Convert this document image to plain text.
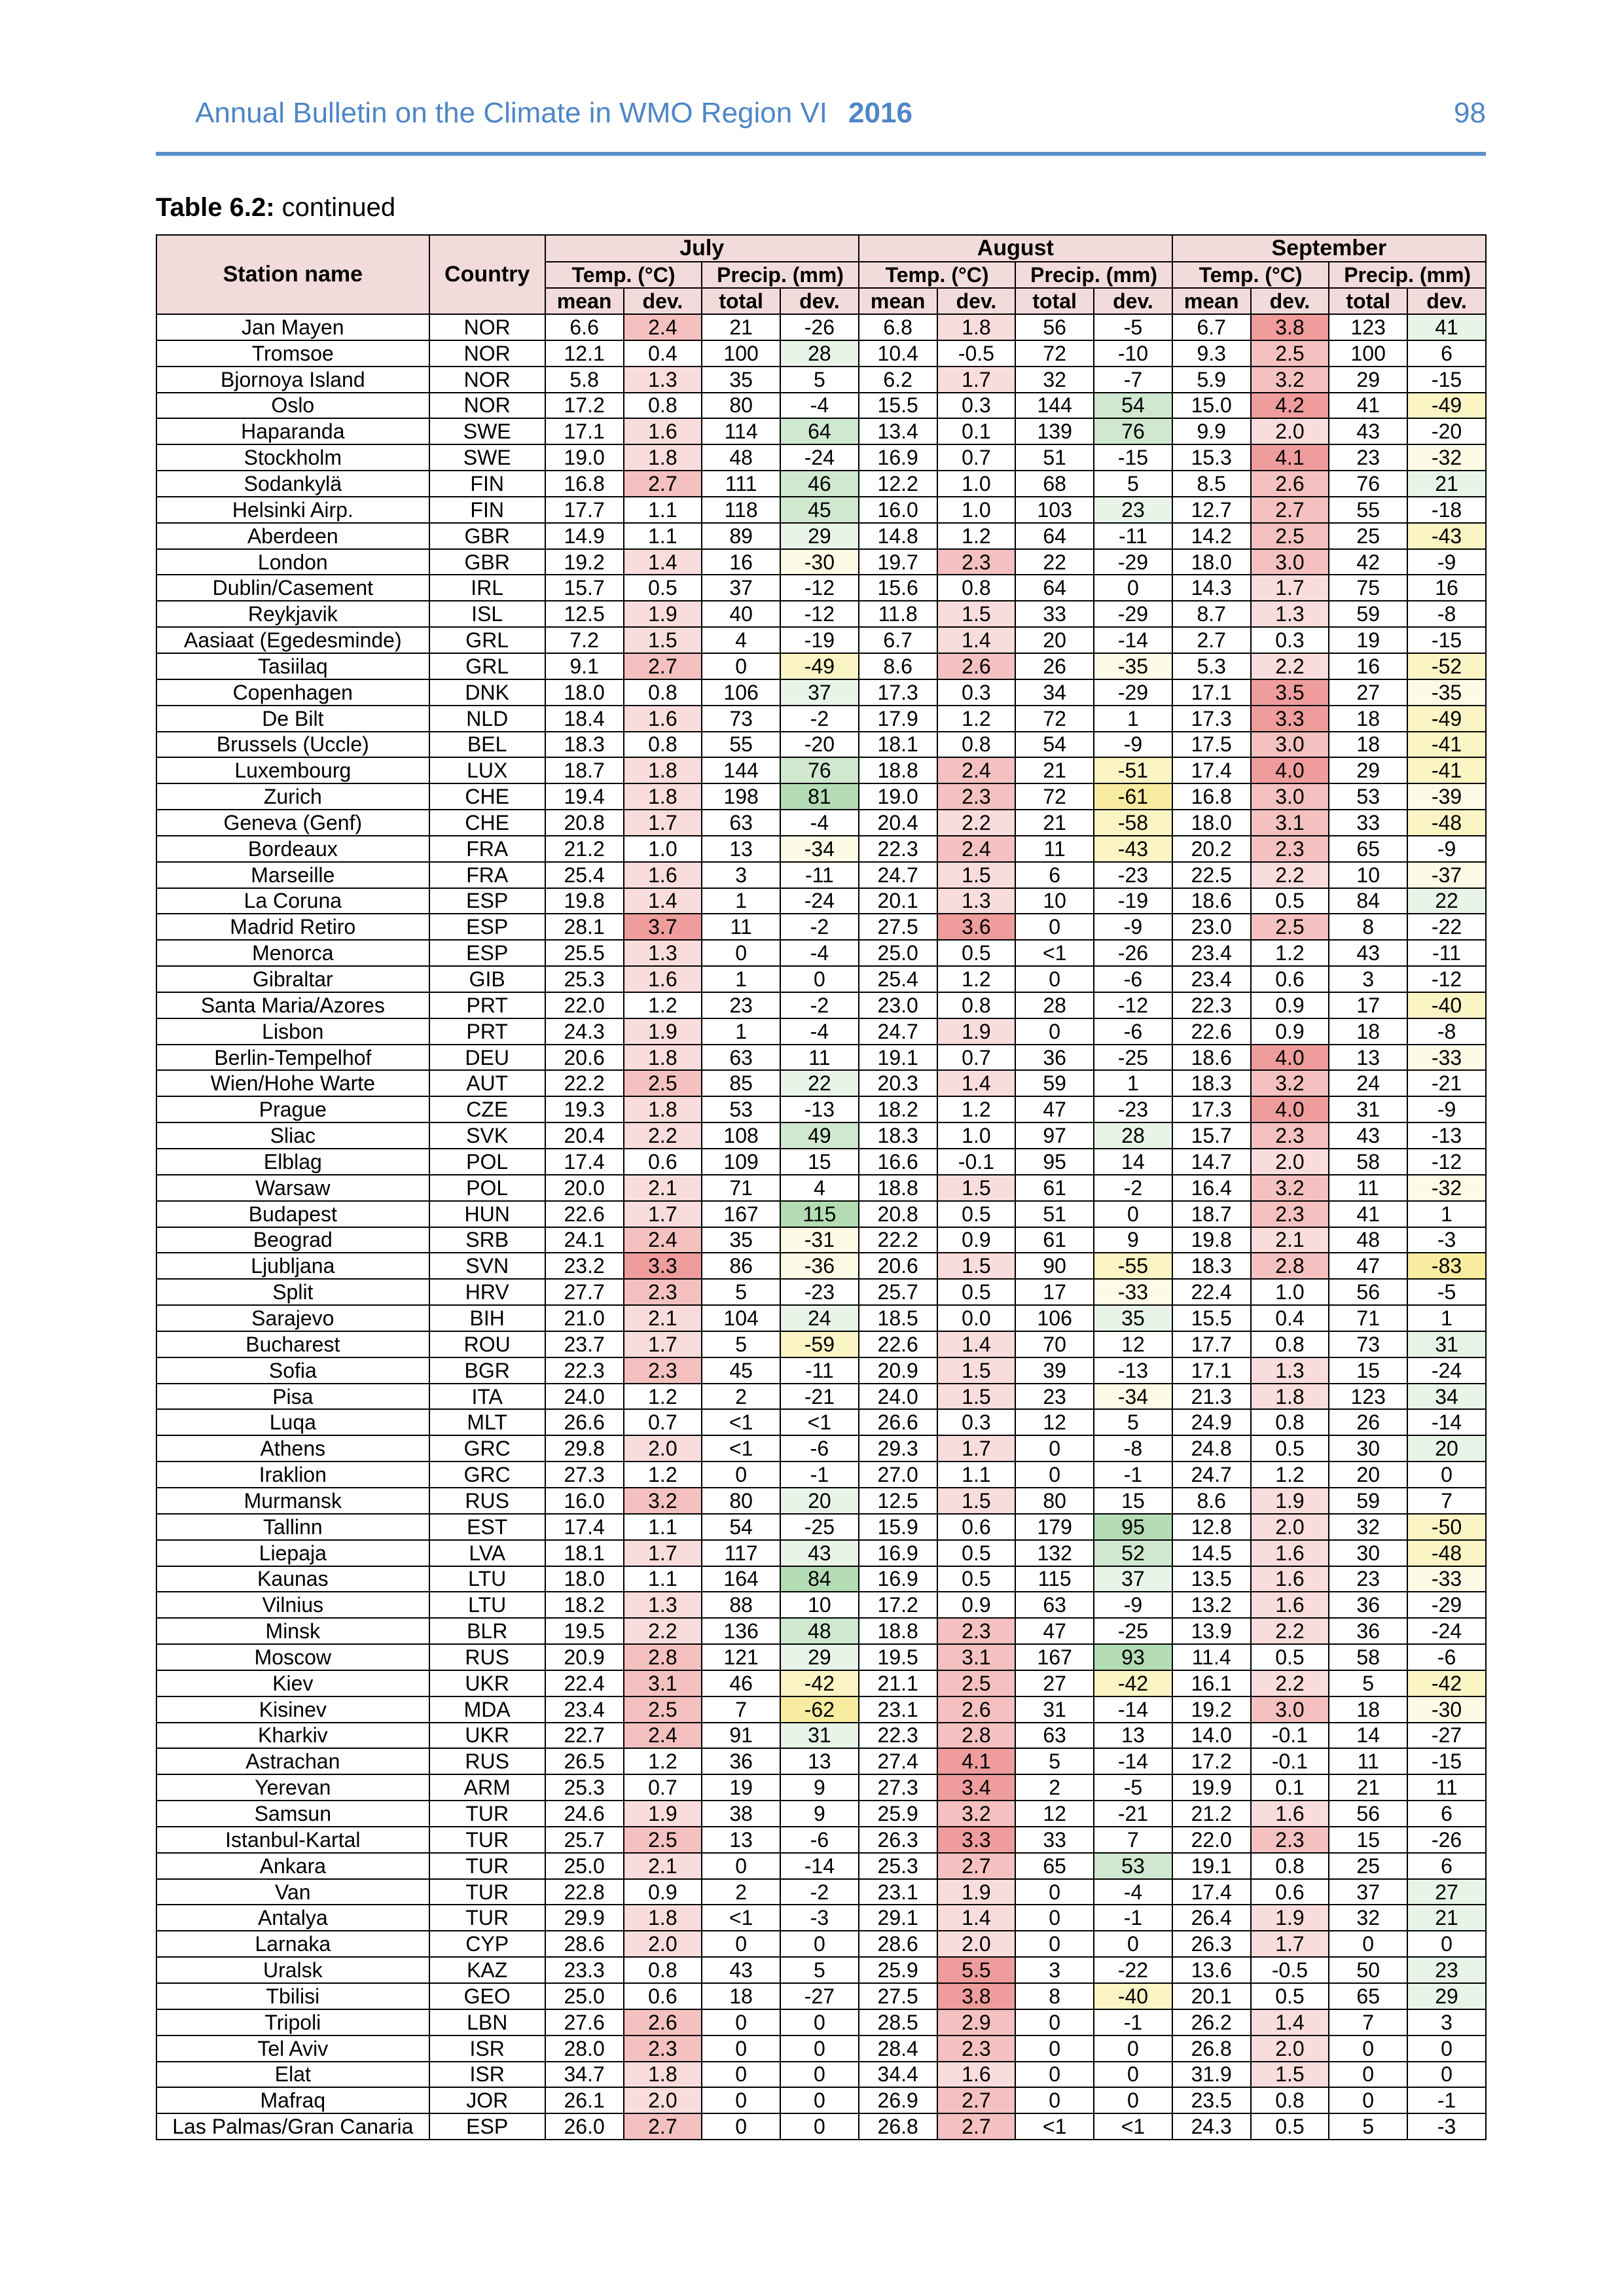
Annual Bulletin on the Climate in WMO Region VI 2016	98
Table 6.2: continued
Station name	Country	July				August				September			
		Temp. (°C)		Precip. (mm)		Temp. (°C)		Precip. (mm)		Temp. (°C)		Precip. (mm)	
		mean	dev.	total	dev.	mean	dev.	total	dev.	mean	dev.	total	dev.
Jan Mayen	NOR	6.6	2.4	21	-26	6.8	1.8	56	-5	6.7	3.8	123	41
Tromsoe	NOR	12.1	0.4	100	28	10.4	-0.5	72	-10	9.3	2.5	100	6
Bjornoya Island	NOR	5.8	1.3	35	5	6.2	1.7	32	-7	5.9	3.2	29	-15
Oslo	NOR	17.2	0.8	80	-4	15.5	0.3	144	54	15.0	4.2	41	-49
Haparanda	SWE	17.1	1.6	114	64	13.4	0.1	139	76	9.9	2.0	43	-20
Stockholm	SWE	19.0	1.8	48	-24	16.9	0.7	51	-15	15.3	4.1	23	-32
Sodankylä	FIN	16.8	2.7	111	46	12.2	1.0	68	5	8.5	2.6	76	21
Helsinki Airp.	FIN	17.7	1.1	118	45	16.0	1.0	103	23	12.7	2.7	55	-18
Aberdeen	GBR	14.9	1.1	89	29	14.8	1.2	64	-11	14.2	2.5	25	-43
London	GBR	19.2	1.4	16	-30	19.7	2.3	22	-29	18.0	3.0	42	-9
Dublin/Casement	IRL	15.7	0.5	37	-12	15.6	0.8	64	0	14.3	1.7	75	16
Reykjavik	ISL	12.5	1.9	40	-12	11.8	1.5	33	-29	8.7	1.3	59	-8
Aasiaat (Egedesminde)	GRL	7.2	1.5	4	-19	6.7	1.4	20	-14	2.7	0.3	19	-15
Tasiilaq	GRL	9.1	2.7	0	-49	8.6	2.6	26	-35	5.3	2.2	16	-52
Copenhagen	DNK	18.0	0.8	106	37	17.3	0.3	34	-29	17.1	3.5	27	-35
De Bilt	NLD	18.4	1.6	73	-2	17.9	1.2	72	1	17.3	3.3	18	-49
Brussels (Uccle)	BEL	18.3	0.8	55	-20	18.1	0.8	54	-9	17.5	3.0	18	-41
Luxembourg	LUX	18.7	1.8	144	76	18.8	2.4	21	-51	17.4	4.0	29	-41
Zurich	CHE	19.4	1.8	198	81	19.0	2.3	72	-61	16.8	3.0	53	-39
Geneva (Genf)	CHE	20.8	1.7	63	-4	20.4	2.2	21	-58	18.0	3.1	33	-48
Bordeaux	FRA	21.2	1.0	13	-34	22.3	2.4	11	-43	20.2	2.3	65	-9
Marseille	FRA	25.4	1.6	3	-11	24.7	1.5	6	-23	22.5	2.2	10	-37
La Coruna	ESP	19.8	1.4	1	-24	20.1	1.3	10	-19	18.6	0.5	84	22
Madrid Retiro	ESP	28.1	3.7	11	-2	27.5	3.6	0	-9	23.0	2.5	8	-22
Menorca	ESP	25.5	1.3	0	-4	25.0	0.5	<1	-26	23.4	1.2	43	-11
Gibraltar	GIB	25.3	1.6	1	0	25.4	1.2	0	-6	23.4	0.6	3	-12
Santa Maria/Azores	PRT	22.0	1.2	23	-2	23.0	0.8	28	-12	22.3	0.9	17	-40
Lisbon	PRT	24.3	1.9	1	-4	24.7	1.9	0	-6	22.6	0.9	18	-8
Berlin-Tempelhof	DEU	20.6	1.8	63	11	19.1	0.7	36	-25	18.6	4.0	13	-33
Wien/Hohe Warte	AUT	22.2	2.5	85	22	20.3	1.4	59	1	18.3	3.2	24	-21
Prague	CZE	19.3	1.8	53	-13	18.2	1.2	47	-23	17.3	4.0	31	-9
Sliac	SVK	20.4	2.2	108	49	18.3	1.0	97	28	15.7	2.3	43	-13
Elblag	POL	17.4	0.6	109	15	16.6	-0.1	95	14	14.7	2.0	58	-12
Warsaw	POL	20.0	2.1	71	4	18.8	1.5	61	-2	16.4	3.2	11	-32
Budapest	HUN	22.6	1.7	167	115	20.8	0.5	51	0	18.7	2.3	41	1
Beograd	SRB	24.1	2.4	35	-31	22.2	0.9	61	9	19.8	2.1	48	-3
Ljubljana	SVN	23.2	3.3	86	-36	20.6	1.5	90	-55	18.3	2.8	47	-83
Split	HRV	27.7	2.3	5	-23	25.7	0.5	17	-33	22.4	1.0	56	-5
Sarajevo	BIH	21.0	2.1	104	24	18.5	0.0	106	35	15.5	0.4	71	1
Bucharest	ROU	23.7	1.7	5	-59	22.6	1.4	70	12	17.7	0.8	73	31
Sofia	BGR	22.3	2.3	45	-11	20.9	1.5	39	-13	17.1	1.3	15	-24
Pisa	ITA	24.0	1.2	2	-21	24.0	1.5	23	-34	21.3	1.8	123	34
Luqa	MLT	26.6	0.7	<1	<1	26.6	0.3	12	5	24.9	0.8	26	-14
Athens	GRC	29.8	2.0	<1	-6	29.3	1.7	0	-8	24.8	0.5	30	20
Iraklion	GRC	27.3	1.2	0	-1	27.0	1.1	0	-1	24.7	1.2	20	0
Murmansk	RUS	16.0	3.2	80	20	12.5	1.5	80	15	8.6	1.9	59	7
Tallinn	EST	17.4	1.1	54	-25	15.9	0.6	179	95	12.8	2.0	32	-50
Liepaja	LVA	18.1	1.7	117	43	16.9	0.5	132	52	14.5	1.6	30	-48
Kaunas	LTU	18.0	1.1	164	84	16.9	0.5	115	37	13.5	1.6	23	-33
Vilnius	LTU	18.2	1.3	88	10	17.2	0.9	63	-9	13.2	1.6	36	-29
Minsk	BLR	19.5	2.2	136	48	18.8	2.3	47	-25	13.9	2.2	36	-24
Moscow	RUS	20.9	2.8	121	29	19.5	3.1	167	93	11.4	0.5	58	-6
Kiev	UKR	22.4	3.1	46	-42	21.1	2.5	27	-42	16.1	2.2	5	-42
Kisinev	MDA	23.4	2.5	7	-62	23.1	2.6	31	-14	19.2	3.0	18	-30
Kharkiv	UKR	22.7	2.4	91	31	22.3	2.8	63	13	14.0	-0.1	14	-27
Astrachan	RUS	26.5	1.2	36	13	27.4	4.1	5	-14	17.2	-0.1	11	-15
Yerevan	ARM	25.3	0.7	19	9	27.3	3.4	2	-5	19.9	0.1	21	11
Samsun	TUR	24.6	1.9	38	9	25.9	3.2	12	-21	21.2	1.6	56	6
Istanbul-Kartal	TUR	25.7	2.5	13	-6	26.3	3.3	33	7	22.0	2.3	15	-26
Ankara	TUR	25.0	2.1	0	-14	25.3	2.7	65	53	19.1	0.8	25	6
Van	TUR	22.8	0.9	2	-2	23.1	1.9	0	-4	17.4	0.6	37	27
Antalya	TUR	29.9	1.8	<1	-3	29.1	1.4	0	-1	26.4	1.9	32	21
Larnaka	CYP	28.6	2.0	0	0	28.6	2.0	0	0	26.3	1.7	0	0
Uralsk	KAZ	23.3	0.8	43	5	25.9	5.5	3	-22	13.6	-0.5	50	23
Tbilisi	GEO	25.0	0.6	18	-27	27.5	3.8	8	-40	20.1	0.5	65	29
Tripoli	LBN	27.6	2.6	0	0	28.5	2.9	0	-1	26.2	1.4	7	3
Tel Aviv	ISR	28.0	2.3	0	0	28.4	2.3	0	0	26.8	2.0	0	0
Elat	ISR	34.7	1.8	0	0	34.4	1.6	0	0	31.9	1.5	0	0
Mafraq	JOR	26.1	2.0	0	0	26.9	2.7	0	0	23.5	0.8	0	-1
Las Palmas/Gran Canaria	ESP	26.0	2.7	0	0	26.8	2.7	<1	<1	24.3	0.5	5	-3
